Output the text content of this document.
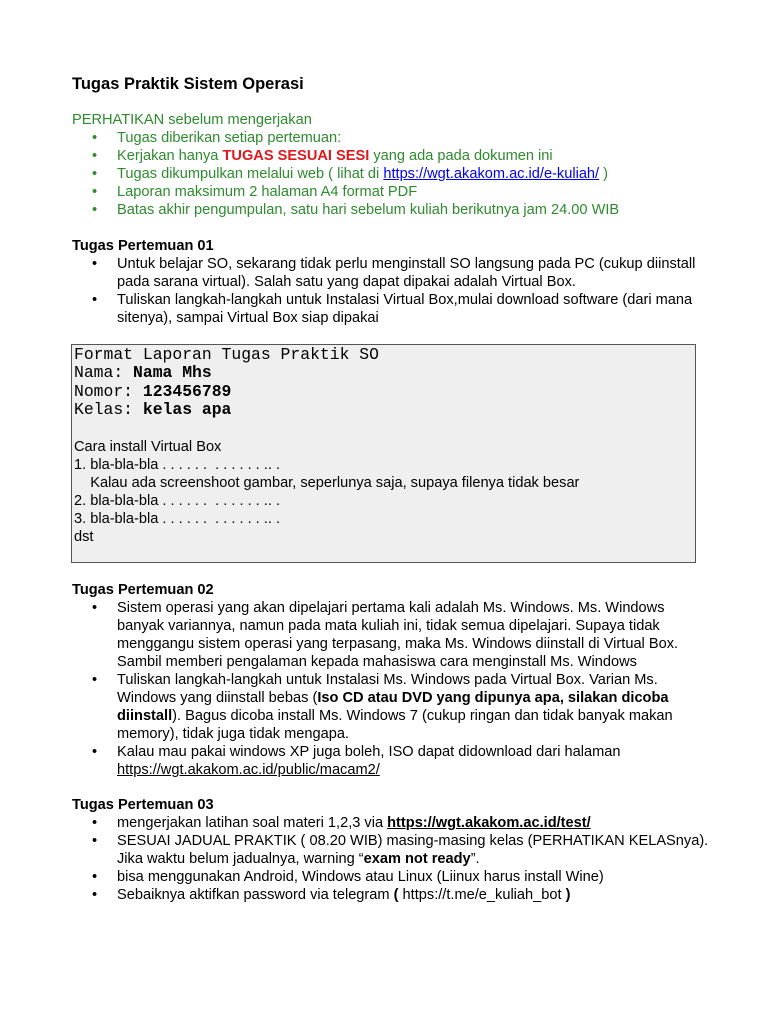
Tugas Praktik Sistem Operasi
PERHATIKAN sebelum mengerjakan
• Tugas diberikan setiap pertemuan:
• Kerjakan hanya TUGAS SESUAI SESI yang ada pada dokumen ini
• Tugas dikumpulkan melalui web ( lihat di https://wgt.akakom.ac.id/e-kuliah/ )
• Laporan maksimum 2 halaman A4 format PDF
• Batas akhir pengumpulan, satu hari sebelum kuliah berikutnya jam 24.00 WIB
Tugas Pertemuan 01
• Untuk belajar SO, sekarang tidak perlu menginstall SO langsung pada PC (cukup diinstall pada sarana virtual). Salah satu yang dapat dipakai adalah Virtual Box.
• Tuliskan langkah-langkah untuk Instalasi Virtual Box,mulai download software (dari mana sitenya), sampai Virtual Box siap dipakai
Format Laporan Tugas Praktik SO
Nama: Nama Mhs
Nomor: 123456789
Kelas: kelas apa
Cara install Virtual Box
1. bla-bla-bla . . . . . .  . . . . . . .. .
Kalau ada screenshoot gambar, seperlunya saja, supaya filenya tidak besar
2. bla-bla-bla . . . . . .  . . . . . . .. .
3. bla-bla-bla . . . . . .  . . . . . . .. .
dst
Tugas Pertemuan 02
• Sistem operasi yang akan dipelajari pertama kali adalah Ms. Windows. Ms. Windows banyak variannya, namun pada mata kuliah ini, tidak semua dipelajari. Supaya tidak menggangu sistem operasi yang terpasang, maka Ms. Windows diinstall di Virtual Box. Sambil memberi pengalaman kepada mahasiswa cara menginstall Ms. Windows
• Tuliskan langkah-langkah untuk Instalasi Ms. Windows pada Virtual Box. Varian Ms. Windows yang diinstall bebas (Iso CD atau DVD yang dipunya apa, silakan dicoba diinstall). Bagus dicoba install Ms. Windows 7 (cukup ringan dan tidak banyak makan memory), tidak juga tidak mengapa.
• Kalau mau pakai windows XP juga boleh, ISO dapat didownload dari halaman https://wgt.akakom.ac.id/public/macam2/
Tugas Pertemuan 03
• mengerjakan latihan soal materi 1,2,3 via https://wgt.akakom.ac.id/test/
• SESUAI JADUAL PRAKTIK ( 08.20 WIB) masing-masing kelas (PERHATIKAN KELASnya). Jika waktu belum jadualnya, warning “exam not ready”.
• bisa menggunakan Android, Windows atau Linux (Liinux harus install Wine)
• Sebaiknya aktifkan password via telegram ( https://t.me/e_kuliah_bot )
